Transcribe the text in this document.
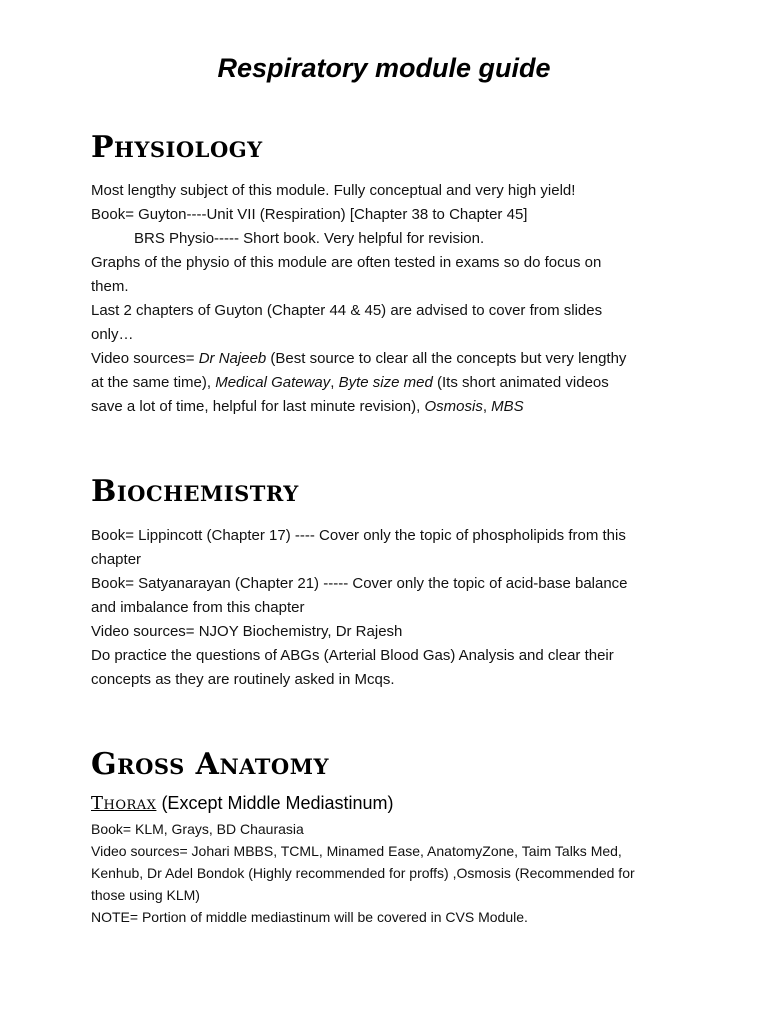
Respiratory module guide
Physiology

Most lengthy subject of this module. Fully conceptual and very high yield!

Book= Guyton----Unit VII (Respiration) [Chapter 38 to Chapter 45]

BRS Physio----- Short book. Very helpful for revision.

Graphs of the physio of this module are often tested in exams so do focus on

them.

Last 2 chapters of Guyton (Chapter 44 & 45) are advised to cover from slides

only…

Video sources= Dr Najeeb (Best source to clear all the concepts but very lengthy

at the same time), Medical Gateway, Byte size med (Its short animated videos

save a lot of time, helpful for last minute revision), Osmosis, MBS

Biochemistry

Book= Lippincott (Chapter 17) ---- Cover only the topic of phospholipids from this

chapter

Book= Satyanarayan (Chapter 21) ----- Cover only the topic of acid-base balance

and imbalance from this chapter

Video sources= NJOY Biochemistry, Dr Rajesh

Do practice the questions of ABGs (Arterial Blood Gas) Analysis and clear their

concepts as they are routinely asked in Mcqs.

Gross Anatomy
Thorax (Except Middle Mediastinum)

Book= KLM, Grays, BD Chaurasia

Video sources= Johari MBBS, TCML, Minamed Ease, AnatomyZone, Taim Talks Med,

Kenhub, Dr Adel Bondok (Highly recommended for proffs) ,Osmosis (Recommended for

those using KLM)

NOTE= Portion of middle mediastinum will be covered in CVS Module.
